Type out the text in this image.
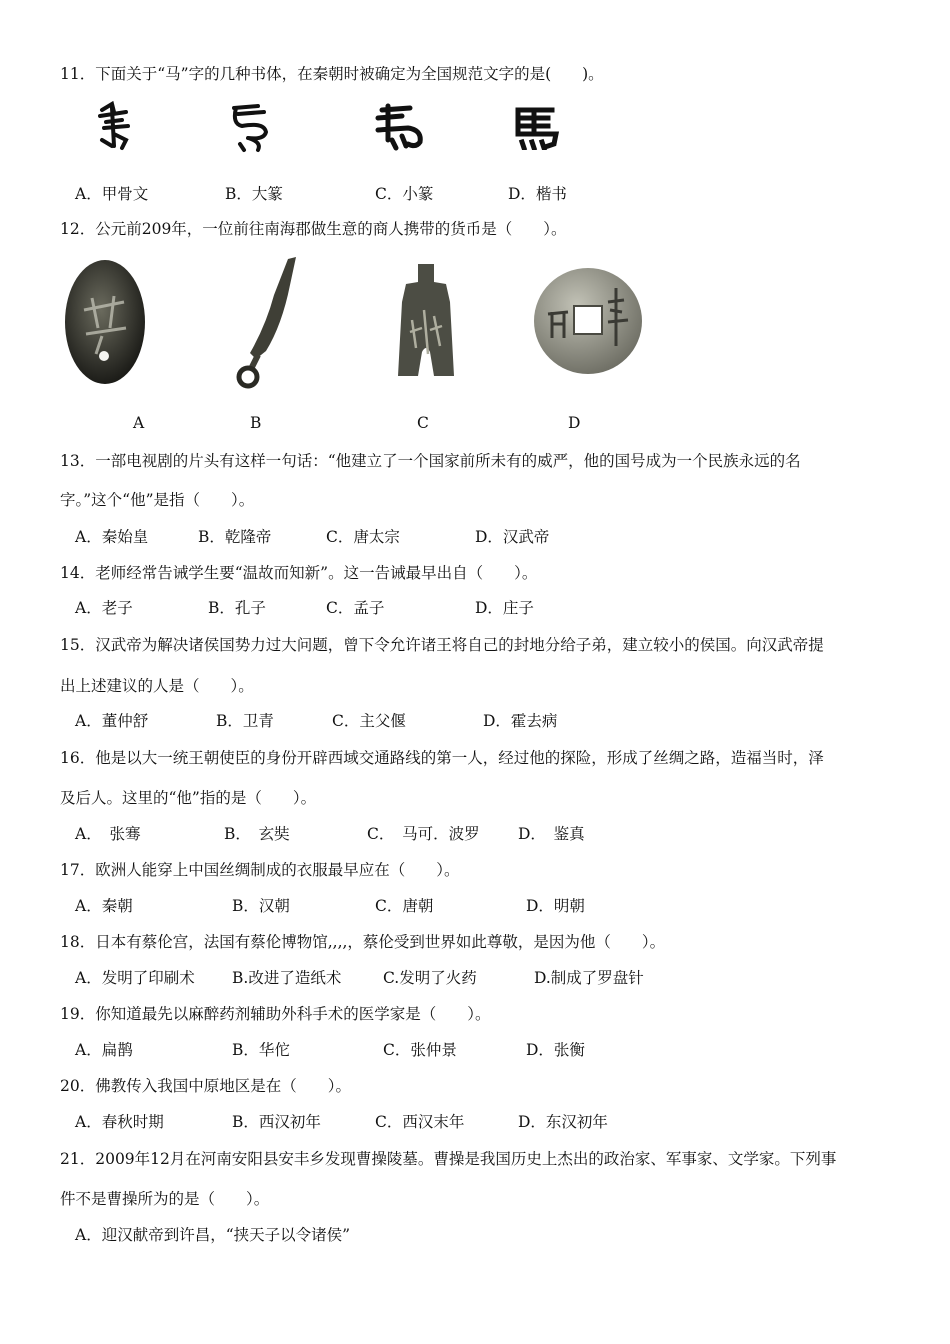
11．下面关于“马”字的几种书体，在秦朝时被确定为全国规范文字的是(　　)。
A．甲骨文	B．大篆	C．小篆	D．楷书
12．公元前209年，一位前往南海郡做生意的商人携带的货币是（　　）。
A	B	C	D
13．一部电视剧的片头有这样一句话：“他建立了一个国家前所未有的威严，他的国号成为一个民族永远的名
字。”这个“他”是指（　　）。
A．秦始皇	B．乾隆帝	C．唐太宗	D．汉武帝
14．老师经常告诫学生要“温故而知新”。这一告诫最早出自（　　）。
A．老子	B．孔子	C．孟子	D．庄子
15．汉武帝为解决诸侯国势力过大问题，曾下令允许诸王将自己的封地分给子弟，建立较小的侯国。向汉武帝提
出上述建议的人是（　　）。
A．董仲舒	B．卫青	C．主父偃	D．霍去病
16．他是以大一统王朝使臣的身份开辟西域交通路线的第一人，经过他的探险，形成了丝绸之路，造福当时，泽
及后人。这里的“他”指的是（　　）。
A．　张骞	B．　玄奘	C．　马可．波罗 D．　鉴真
17．欧洲人能穿上中国丝绸制成的衣服最早应在（　　）。
A．秦朝	B．汉朝	C．唐朝	D．明朝
18．日本有蔡伦宫，法国有蔡伦博物馆,,,,，蔡伦受到世界如此尊敬，是因为他（　　）。
A．发明了印刷术 B.改进了造纸术	C.发明了火药	D.制成了罗盘针
19．你知道最先以麻醉药剂辅助外科手术的医学家是（　　）。
A．扁鹊	B．华佗	C．张仲景	D．张衡
20．佛教传入我国中原地区是在（　　）。
A．春秋时期	B．西汉初年	C．西汉末年	D．东汉初年
21．2009年12月在河南安阳县安丰乡发现曹操陵墓。曹操是我国历史上杰出的政治家、军事家、文学家。下列事
件不是曹操所为的是（　　）。
A．迎汉献帝到许昌，“挟天子以令诸侯”
